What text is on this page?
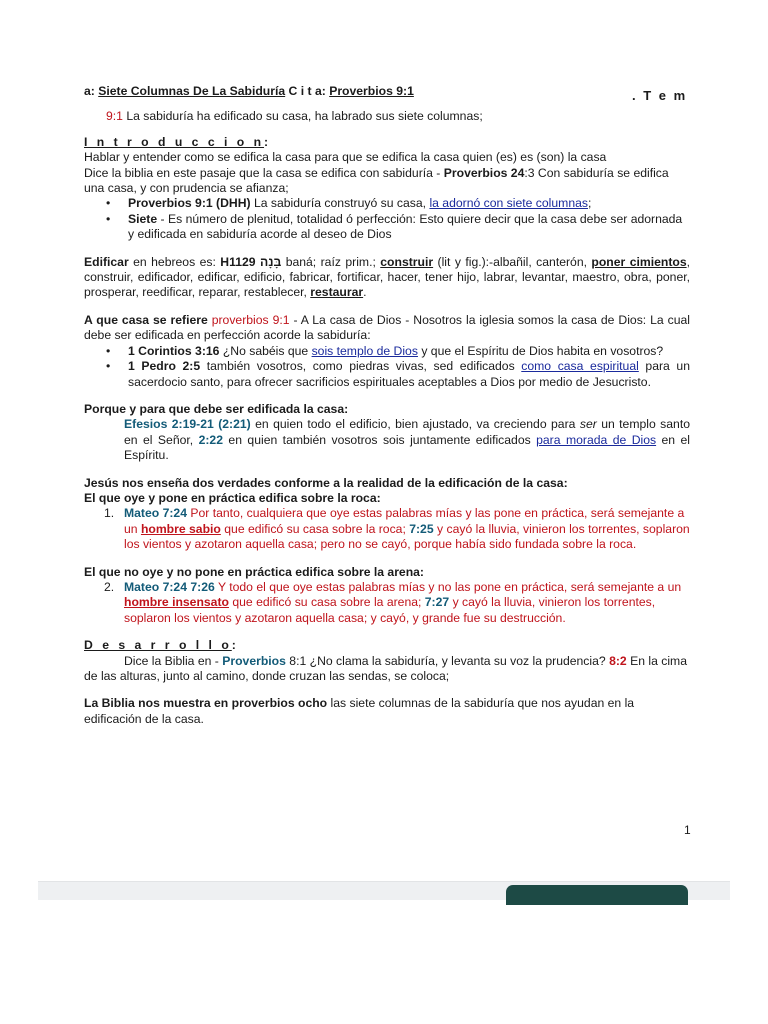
. T e m

a: Siete Columnas De La Sabiduría C i t a: Proverbios 9:1

9:1 La sabiduría ha edificado su casa, ha labrado sus siete columnas;

I n t r o d u c c i o n:

Hablar y entender como se edifica la casa para que se edifica la casa quien (es) es (son) la casa

Dice la biblia en este pasaje que la casa se edifica con sabiduría - Proverbios 24:3 Con sabiduría se edifica una casa, y con prudencia se afianza;

• Proverbios 9:1 (DHH) La sabiduría construyó su casa, la adornó con siete columnas;
• Siete - Es número de plenitud, totalidad ó perfección: Esto quiere decir que la casa debe ser adornada y edificada en sabiduría acorde al deseo de Dios

Edificar en hebreos es: H1129 בָּנָה baná; raíz prim.; construir (lit y fig.):-albañil, canterón, poner cimientos, construir, edificador, edificar, edificio, fabricar, fortificar, hacer, tener hijo, labrar, levantar, maestro, obra, poner, prosperar, reedificar, reparar, restablecer, restaurar.

A que casa se refiere proverbios 9:1 - A La casa de Dios - Nosotros la iglesia somos la casa de Dios: La cual debe ser edificada en perfección acorde la sabiduría:

• 1 Corintios 3:16 ¿No sabéis que sois templo de Dios y que el Espíritu de Dios habita en vosotros?
• 1 Pedro 2:5 también vosotros, como piedras vivas, sed edificados como casa espiritual para un sacerdocio santo, para ofrecer sacrificios espirituales aceptables a Dios por medio de Jesucristo.

Porque y para que debe ser edificada la casa:

Efesios 2:19-21 (2:21) en quien todo el edificio, bien ajustado, va creciendo para ser un templo santo en el Señor, 2:22 en quien también vosotros sois juntamente edificados para morada de Dios en el Espíritu.

Jesús nos enseña dos verdades conforme a la realidad de la edificación de la casa:

El que oye y pone en práctica edifica sobre la roca:

1. Mateo 7:24 Por tanto, cualquiera que oye estas palabras mías y las pone en práctica, será semejante a un hombre sabio que edificó su casa sobre la roca; 7:25 y cayó la lluvia, vinieron los torrentes, soplaron los vientos y azotaron aquella casa; pero no se cayó, porque había sido fundada sobre la roca.

El que no oye y no pone en práctica edifica sobre la arena:

2. Mateo 7:24 7:26 Y todo el que oye estas palabras mías y no las pone en práctica, será semejante a un hombre insensato que edificó su casa sobre la arena; 7:27 y cayó la lluvia, vinieron los torrentes, soplaron los vientos y azotaron aquella casa; y cayó, y grande fue su destrucción.

D e s a r r o l l o:

Dice la Biblia en - Proverbios 8:1 ¿No clama la sabiduría, y levanta su voz la prudencia? 8:2 En la cima de las alturas, junto al camino, donde cruzan las sendas, se coloca;

La Biblia nos muestra en proverbios ocho las siete columnas de la sabiduría que nos ayudan en la edificación de la casa.

1
